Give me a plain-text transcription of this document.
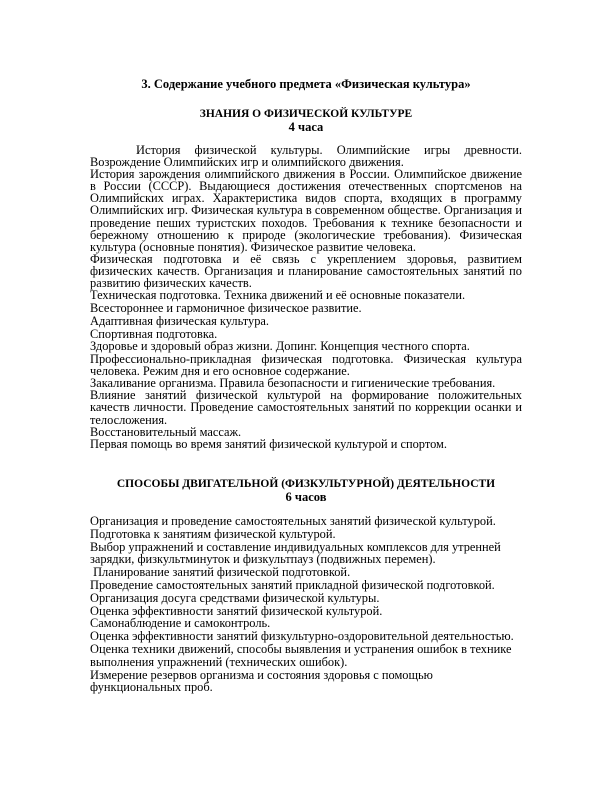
3. Содержание учебного предмета «Физическая культура»

ЗНАНИЯ О ФИЗИЧЕСКОЙ КУЛЬТУРЕ

4 часа

История физической культуры. Олимпийские игры древности. Возрождение Олимпийских игр и олимпийского движения.

История зарождения олимпийского движения в России. Олимпийское движение в России (СССР). Выдающиеся достижения отечественных спортсменов на Олимпийских играх. Характеристика видов спорта, входящих в программу Олимпийских игр. Физическая культура в современном обществе. Организация и проведение пеших туристских походов. Требования к технике безопасности и бережному отношению к природе (экологические требования). Физическая культура (основные понятия). Физическое развитие человека.

Физическая подготовка и её связь с укреплением здоровья, развитием физических качеств. Организация и планирование самостоятельных занятий по развитию физических качеств.

Техническая подготовка. Техника движений и её основные показатели.

Всестороннее и гармоничное физическое развитие.

Адаптивная физическая культура.

Спортивная подготовка.

Здоровье и здоровый образ жизни. Допинг. Концепция честного спорта.

Профессионально-прикладная физическая подготовка. Физическая культура человека. Режим дня и его основное содержание.

Закаливание организма. Правила безопасности и гигиенические требования.

Влияние занятий физической культурой на формирование положительных качеств личности. Проведение самостоятельных занятий по коррекции осанки и телосложения.

Восстановительный массаж.

Первая помощь во время занятий физической культурой и спортом.

СПОСОБЫ ДВИГАТЕЛЬНОЙ (ФИЗКУЛЬТУРНОЙ) ДЕЯТЕЛЬНОСТИ

6 часов

Организация и проведение самостоятельных занятий физической культурой. Подготовка к занятиям физической культурой.

Выбор упражнений и составление индивидуальных комплексов для утренней зарядки, физкультминуток и физкультпауз (подвижных перемен).

Планирование занятий физической подготовкой.

Проведение самостоятельных занятий прикладной физической подготовкой.

Организация досуга средствами физической культуры.

Оценка эффективности занятий физической культурой.

Самонаблюдение и самоконтроль.

Оценка эффективности занятий физкультурно-оздоровительной деятельностью.

Оценка техники движений, способы выявления и устранения ошибок в технике выполнения упражнений (технических ошибок).

Измерение резервов организма и состояния здоровья с помощью функциональных проб.
